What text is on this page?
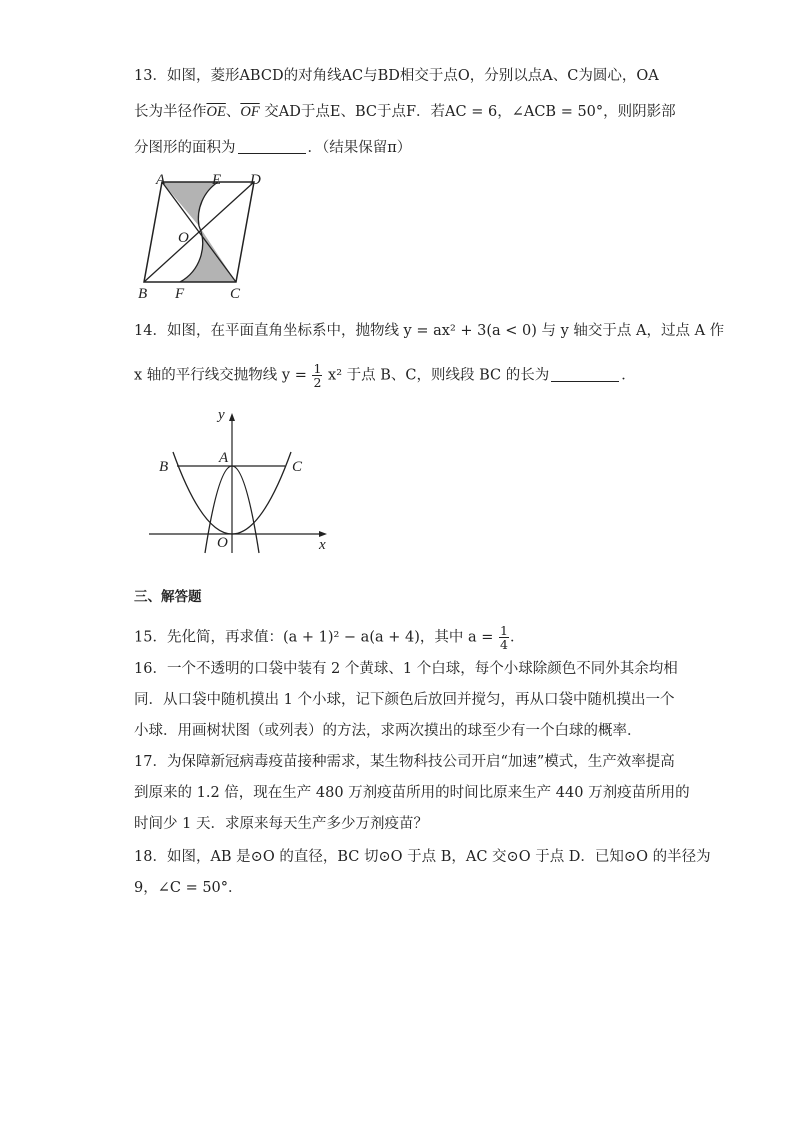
13．如图，菱形ABCD的对角线AC与BD相交于点O，分别以点A、C为圆心，OA
长为半径作$\overline{OE}$、$\overline{OF}$ 交AD于点E、BC于点F．若AC = 6，∠ACB = 50°，则阴影部
分图形的面积为	．（结果保留π）
A	E D
O
B F	C
14．如图，在平面直角坐标系中，抛物线 y = ax² + 3(a < 0) 与 y 轴交于点 A，过点 A 作
x 轴的平行线交抛物线 $y = \frac{1}{2} x^2$ 于点 B、C，则线段 BC 的长为	．
y
x
A
B	C
O
三、解答题
15．先化简，再求值：(a + 1)² − a(a + 4)，其中 $a = \frac{1}{4}$ ．
16．一个不透明的口袋中装有 2 个黄球、1 个白球，每个小球除颜色不同外其余均相
同．从口袋中随机摸出 1 个小球，记下颜色后放回并搅匀，再从口袋中随机摸出一个
小球．用画树状图（或列表）的方法，求两次摸出的球至少有一个白球的概率．
17．为保障新冠病毒疫苗接种需求，某生物科技公司开启“加速”模式，生产效率提高
到原来的 1.2 倍，现在生产 480 万剂疫苗所用的时间比原来生产 440 万剂疫苗所用的
时间少 1 天．求原来每天生产多少万剂疫苗？
18．如图，AB 是⊙O 的直径，BC 切⊙O 于点 B，AC 交⊙O 于点 D．已知⊙O 的半径为
9，∠C = 50°．
